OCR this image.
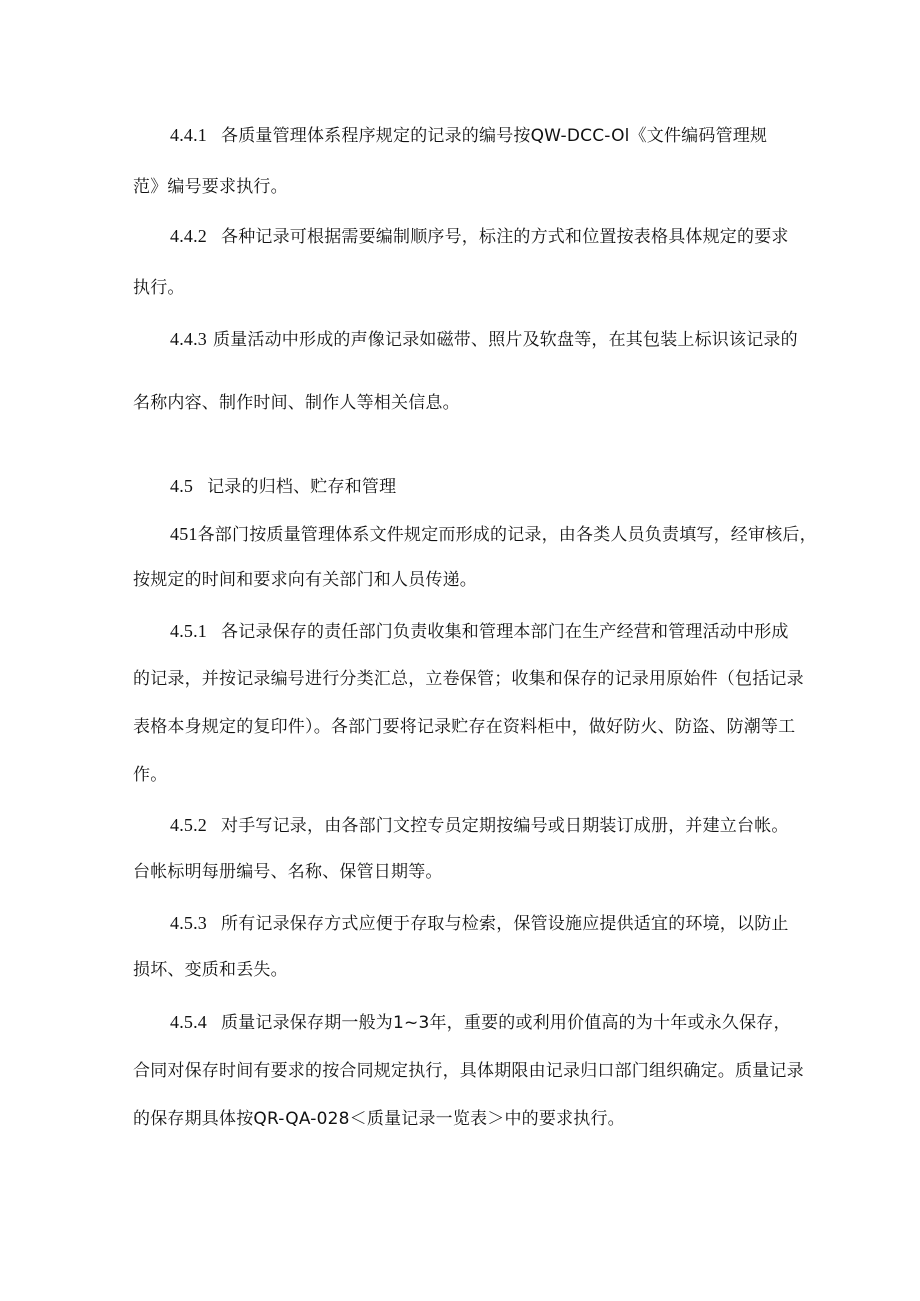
4.4.1 各质量管理体系程序规定的记录的编号按QW-DCC-Ol《文件编码管理规
范》编号要求执行。
4.4.2 各种记录可根据需要编制顺序号，标注的方式和位置按表格具体规定的要求
执行。
4.4.3 质量活动中形成的声像记录如磁带、照片及软盘等，在其包装上标识该记录的
名称内容、制作时间、制作人等相关信息。
4.5 记录的归档、贮存和管理
451各部门按质量管理体系文件规定而形成的记录，由各类人员负责填写，经审核后，
按规定的时间和要求向有关部门和人员传递。
4.5.1 各记录保存的责任部门负责收集和管理本部门在生产经营和管理活动中形成
的记录，并按记录编号进行分类汇总，立卷保管；收集和保存的记录用原始件（包括记录
表格本身规定的复印件）。各部门要将记录贮存在资料柜中，做好防火、防盗、防潮等工
作。
4.5.2 对手写记录，由各部门文控专员定期按编号或日期装订成册，并建立台帐。
台帐标明每册编号、名称、保管日期等。
4.5.3 所有记录保存方式应便于存取与检索，保管设施应提供适宜的环境，以防止
损坏、变质和丢失。
4.5.4 质量记录保存期一般为1~3年，重要的或利用价值高的为十年或永久保存，
合同对保存时间有要求的按合同规定执行，具体期限由记录归口部门组织确定。质量记录
的保存期具体按QR-QA-028＜质量记录一览表＞中的要求执行。
